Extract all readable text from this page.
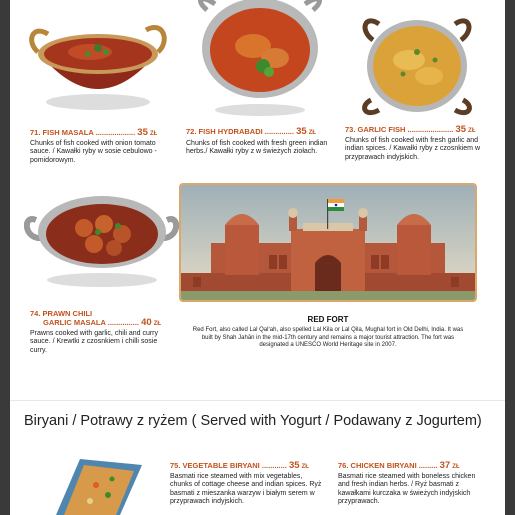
71. FISH MASALA ................... 35 ZŁ
Chunks of fish cooked with onion tomato sauce. / Kawałki ryby w sosie cebulowo -pomidorowym.
72. FISH HYDRABADI .............. 35 ZŁ
Chunks of fish cooked with fresh green indian herbs./ Kawałki ryby z w świeżych ziołach.
73. GARLIC FISH ...................... 35 ZŁ
Chunks of fish cooked with fresh garlic and indian spices. / Kawałki ryby z czosnkiem w przyprawach indyjskich.
74. PRAWN CHILI
GARLIC MASALA ............... 40 ZŁ
Prawns cooked with garlic, chili and curry sauce. / Krewtki z czosnkiem i chilli sosie curry.
RED FORT
Red Fort, also called Lal Qal‘ah, also spelled Lal Kila or Lal Qila, Mughal fort in Old Delhi, India. It was built by Shah Jahān in the mid-17th century and remains a major tourist attraction. The fort was designated a UNESCO World Heritage site in 2007.
Biryani / Potrawy z ryżem ( Served with Yogurt / Podawany z Jogurtem)
75. VEGETABLE BIRYANI ............ 35 ZŁ
Basmati rice steamed with mix vegetables, chunks of cottage cheese and indian spices. Ryż basmati z mieszanka warzyw i białym serem w przyprawach indyjskich.
76. CHICKEN BIRYANI ......... 37 ZŁ
Basmati rice steamed with boneless chicken and fresh indian herbs. / Ryż basmati z kawałkami kurczaka w świeżych indyjskich przyprawach.
